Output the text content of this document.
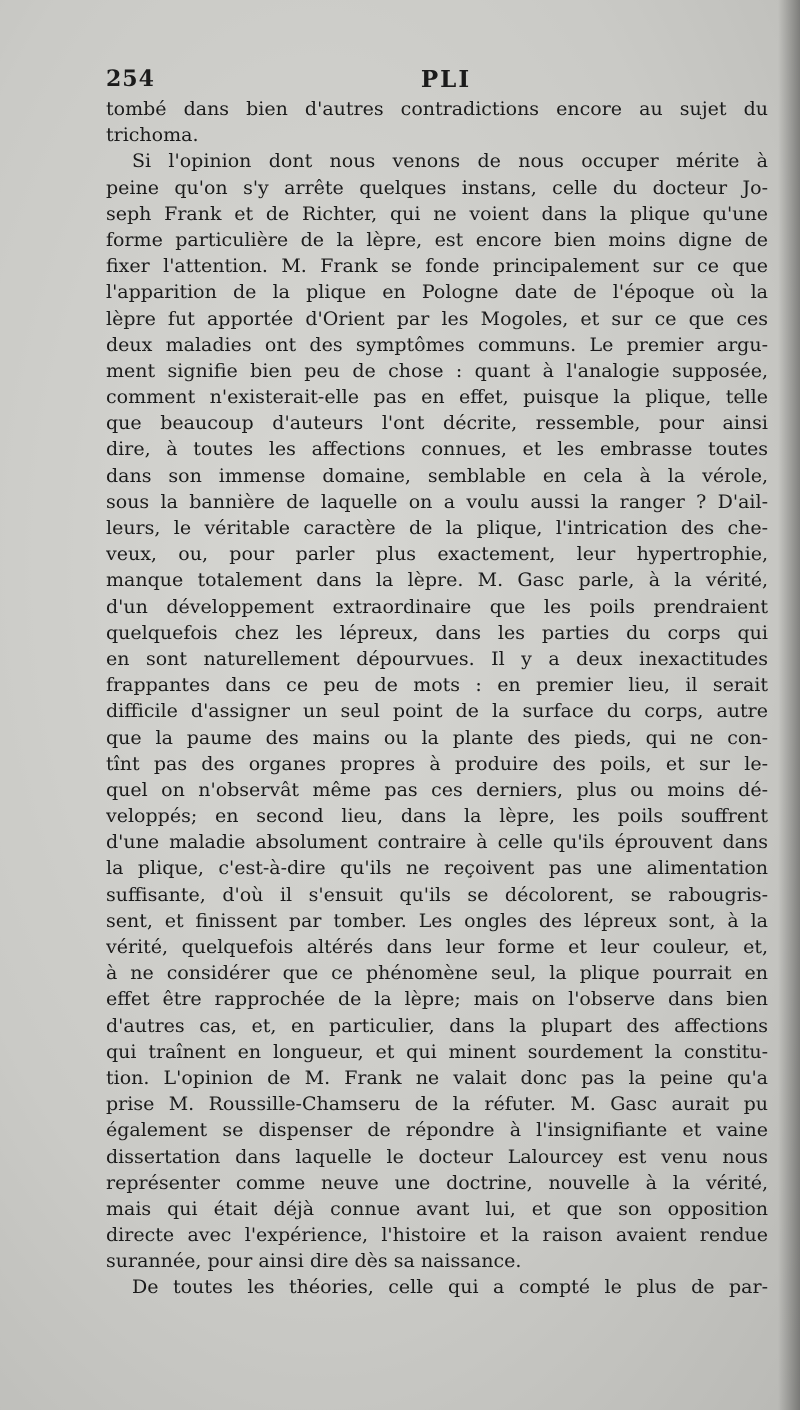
254	PLI
tombé dans bien d'autres contradictions encore au sujet du
trichoma.
Si l'opinion dont nous venons de nous occuper mérite à
peine qu'on s'y arrête quelques instans, celle du docteur Jo-
seph Frank et de Richter, qui ne voient dans la plique qu'une
forme particulière de la lèpre, est encore bien moins digne de
fixer l'attention. M. Frank se fonde principalement sur ce que
l'apparition de la plique en Pologne date de l'époque où la
lèpre fut apportée d'Orient par les Mogoles, et sur ce que ces
deux maladies ont des symptômes communs. Le premier argu-
ment signifie bien peu de chose : quant à l'analogie supposée,
comment n'existerait-elle pas en effet, puisque la plique, telle
que beaucoup d'auteurs l'ont décrite, ressemble, pour ainsi
dire, à toutes les affections connues, et les embrasse toutes
dans son immense domaine, semblable en cela à la vérole,
sous la bannière de laquelle on a voulu aussi la ranger ? D'ail-
leurs, le véritable caractère de la plique, l'intrication des che-
veux, ou, pour parler plus exactement, leur hypertrophie,
manque totalement dans la lèpre. M. Gasc parle, à la vérité,
d'un développement extraordinaire que les poils prendraient
quelquefois chez les lépreux, dans les parties du corps qui
en sont naturellement dépourvues. Il y a deux inexactitudes
frappantes dans ce peu de mots : en premier lieu, il serait
difficile d'assigner un seul point de la surface du corps, autre
que la paume des mains ou la plante des pieds, qui ne con-
tînt pas des organes propres à produire des poils, et sur le-
quel on n'observât même pas ces derniers, plus ou moins dé-
veloppés; en second lieu, dans la lèpre, les poils souffrent
d'une maladie absolument contraire à celle qu'ils éprouvent dans
la plique, c'est-à-dire qu'ils ne reçoivent pas une alimentation
suffisante, d'où il s'ensuit qu'ils se décolorent, se rabougris-
sent, et finissent par tomber. Les ongles des lépreux sont, à la
vérité, quelquefois altérés dans leur forme et leur couleur, et,
à ne considérer que ce phénomène seul, la plique pourrait en
effet être rapprochée de la lèpre; mais on l'observe dans bien
d'autres cas, et, en particulier, dans la plupart des affections
qui traînent en longueur, et qui minent sourdement la constitu-
tion. L'opinion de M. Frank ne valait donc pas la peine qu'a
prise M. Roussille-Chamseru de la réfuter. M. Gasc aurait pu
également se dispenser de répondre à l'insignifiante et vaine
dissertation dans laquelle le docteur Lalourcey est venu nous
représenter comme neuve une doctrine, nouvelle à la vérité,
mais qui était déjà connue avant lui, et que son opposition
directe avec l'expérience, l'histoire et la raison avaient rendue
surannée, pour ainsi dire dès sa naissance.
De toutes les théories, celle qui a compté le plus de par-
